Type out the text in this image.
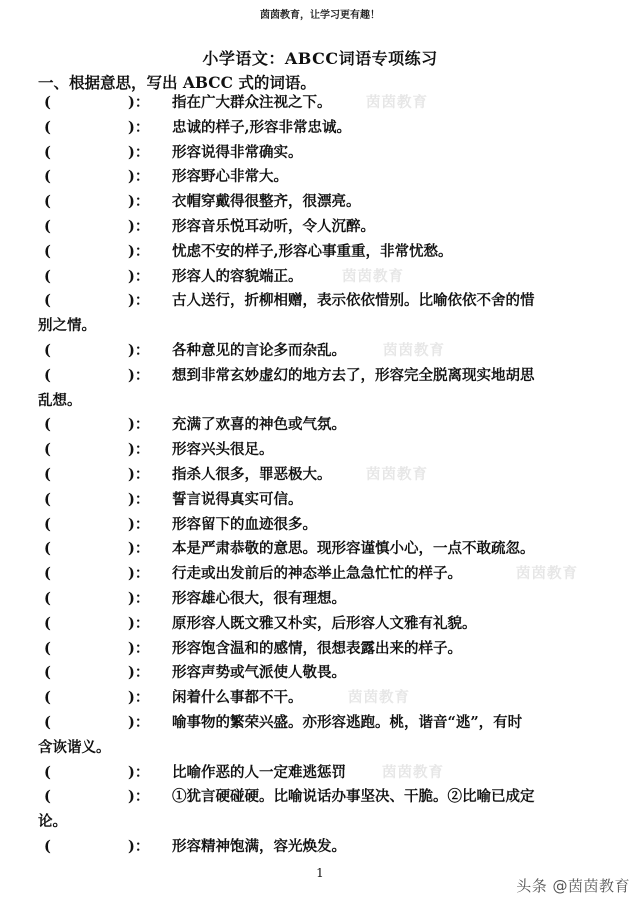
茵茵教育，让学习更有趣！
小学语文：ABCC词语专项练习
一、根据意思，写出 ABCC 式的词语。
(	)： 指在广大群众注视之下。 茵茵教育
(	)： 忠诚的样子,形容非常忠诚。
(	)： 形容说得非常确实。
(	)： 形容野心非常大。
(	)： 衣帽穿戴得很整齐，很漂亮。
(	)： 形容音乐悦耳动听，令人沉醉。
(	)： 忧虑不安的样子,形容心事重重，非常忧愁。
(	)： 形容人的容貌端正。	茵茵教育
(	)： 古人送行，折柳相赠，表示依依惜别。比喻依依不舍的惜
别之情。
(	)： 各种意见的言论多而杂乱。	茵茵教育
(	)： 想到非常玄妙虚幻的地方去了，形容完全脱离现实地胡思
乱想。
(	)： 充满了欢喜的神色或气氛。
(	)： 形容兴头很足。
(	)： 指杀人很多，罪恶极大。 茵茵教育
(	)： 誓言说得真实可信。
(	)： 形容留下的血迹很多。
(	)： 本是严肃恭敬的意思。现形容谨慎小心，一点不敢疏忽。
(	)： 行走或出发前后的神态举止急急忙忙的样子。	茵茵教育
(	)： 形容雄心很大，很有理想。
(	)： 原形容人既文雅又朴实，后形容人文雅有礼貌。
(	)： 形容饱含温和的感情，很想表露出来的样子。
(	)： 形容声势或气派使人敬畏。
(	)： 闲着什么事都不干。	茵茵教育
(	)： 喻事物的繁荣兴盛。亦形容逃跑。桃，谐音“逃”，有时
含诙谐义。
(	)： 比喻作恶的人一定难逃惩罚 茵茵教育
(	)： ①犹言硬碰硬。比喻说话办事坚决、干脆。②比喻已成定
论。
(	)： 形容精神饱满，容光焕发。
1
头条 @茵茵教育
